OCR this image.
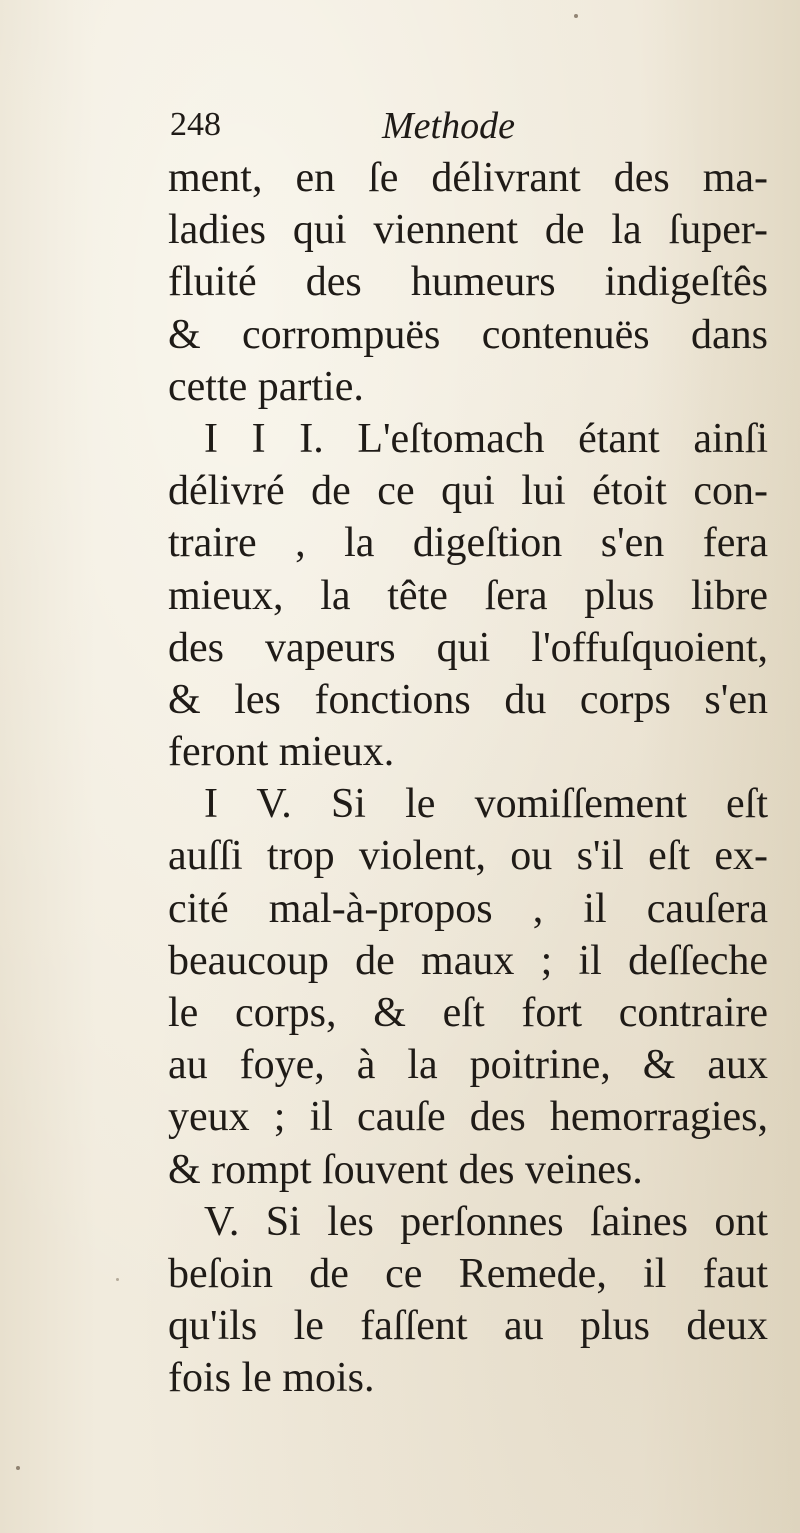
248	Methode
ment, en ſe délivrant des ma-
ladies qui viennent de la ſuper-
fluité des humeurs indigeſtês
& corrompuës contenuës dans
cette partie.
I I I. L'eſtomach étant ainſi
délivré de ce qui lui étoit con-
traire , la digeſtion s'en fera
mieux, la tête ſera plus libre
des vapeurs qui l'offuſquoient,
& les fonctions du corps s'en
feront mieux.
I V. Si le vomiſſement eſt
auſſi trop violent, ou s'il eſt ex-
cité mal-à-propos , il cauſera
beaucoup de maux ; il deſſeche
le corps, & eſt fort contraire
au foye, à la poitrine, & aux
yeux ; il cauſe des hemorragies,
& rompt ſouvent des veines.
V. Si les perſonnes ſaines ont
beſoin de ce Remede, il faut
qu'ils le faſſent au plus deux
fois le mois.
